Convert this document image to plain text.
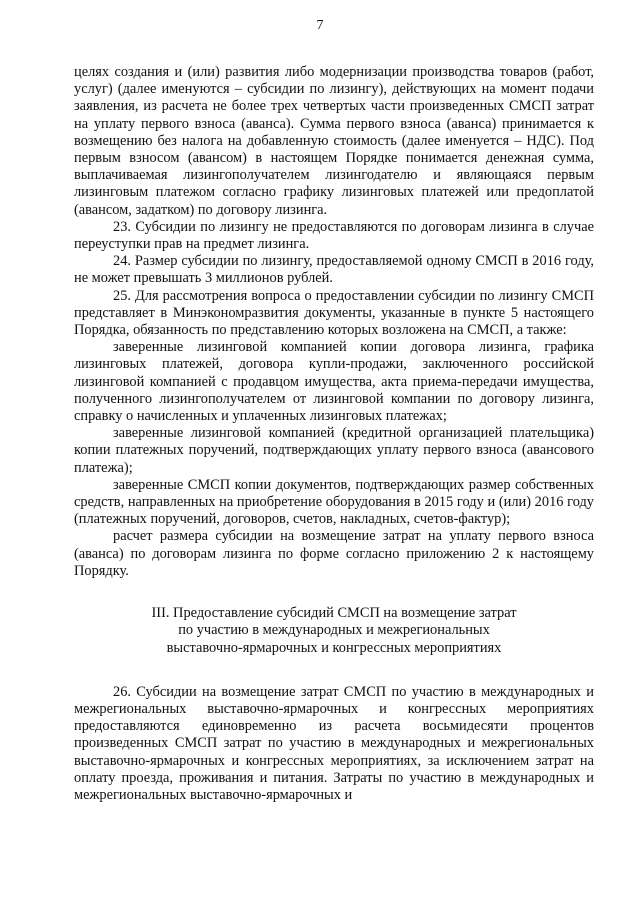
7

целях создания и (или) развития либо модернизации производства товаров (работ, услуг) (далее именуются – субсидии по лизингу), действующих на момент подачи заявления, из расчета не более трех четвертых части произведенных СМСП затрат на уплату первого взноса (аванса). Сумма первого взноса (аванса) принимается к возмещению без налога на добавленную стоимость (далее именуется – НДС). Под первым взносом (авансом) в настоящем Порядке понимается денежная сумма, выплачиваемая лизингополучателем лизингодателю и являющаяся первым лизинговым платежом согласно графику лизинговых платежей или предоплатой (авансом, задатком) по договору лизинга.

23. Субсидии по лизингу не предоставляются по договорам лизинга в случае переуступки прав на предмет лизинга.

24. Размер субсидии по лизингу, предоставляемой одному СМСП в 2016 году, не может превышать 3 миллионов рублей.

25. Для рассмотрения вопроса о предоставлении субсидии по лизингу СМСП представляет в Минэкономразвития документы, указанные в пункте 5 настоящего Порядка, обязанность по представлению которых возложена на СМСП, а также:

заверенные лизинговой компанией копии договора лизинга, графика лизинговых платежей, договора купли-продажи, заключенного российской лизинговой компанией с продавцом имущества, акта приема-передачи имущества, полученного лизингополучателем от лизинговой компании по договору лизинга, справку о начисленных и уплаченных лизинговых платежах;

заверенные лизинговой компанией (кредитной организацией плательщика) копии платежных поручений, подтверждающих уплату первого взноса (авансового платежа);

заверенные СМСП копии документов, подтверждающих размер собственных средств, направленных на приобретение оборудования в 2015 году и (или) 2016 году (платежных поручений, договоров, счетов, накладных, счетов-фактур);

расчет размера субсидии на возмещение затрат на уплату первого взноса (аванса) по договорам лизинга по форме согласно приложению 2 к настоящему Порядку.

III. Предоставление субсидий СМСП на возмещение затрат
по участию в международных и межрегиональных
выставочно-ярмарочных и конгрессных мероприятиях

26. Субсидии на возмещение затрат СМСП по участию в международных и межрегиональных выставочно-ярмарочных и конгрессных мероприятиях предоставляются единовременно из расчета восьмидесяти процентов произведенных СМСП затрат по участию в международных и межрегиональных выставочно-ярмарочных и конгрессных мероприятиях, за исключением затрат на оплату проезда, проживания и питания. Затраты по участию в международных и межрегиональных выставочно-ярмарочных и
